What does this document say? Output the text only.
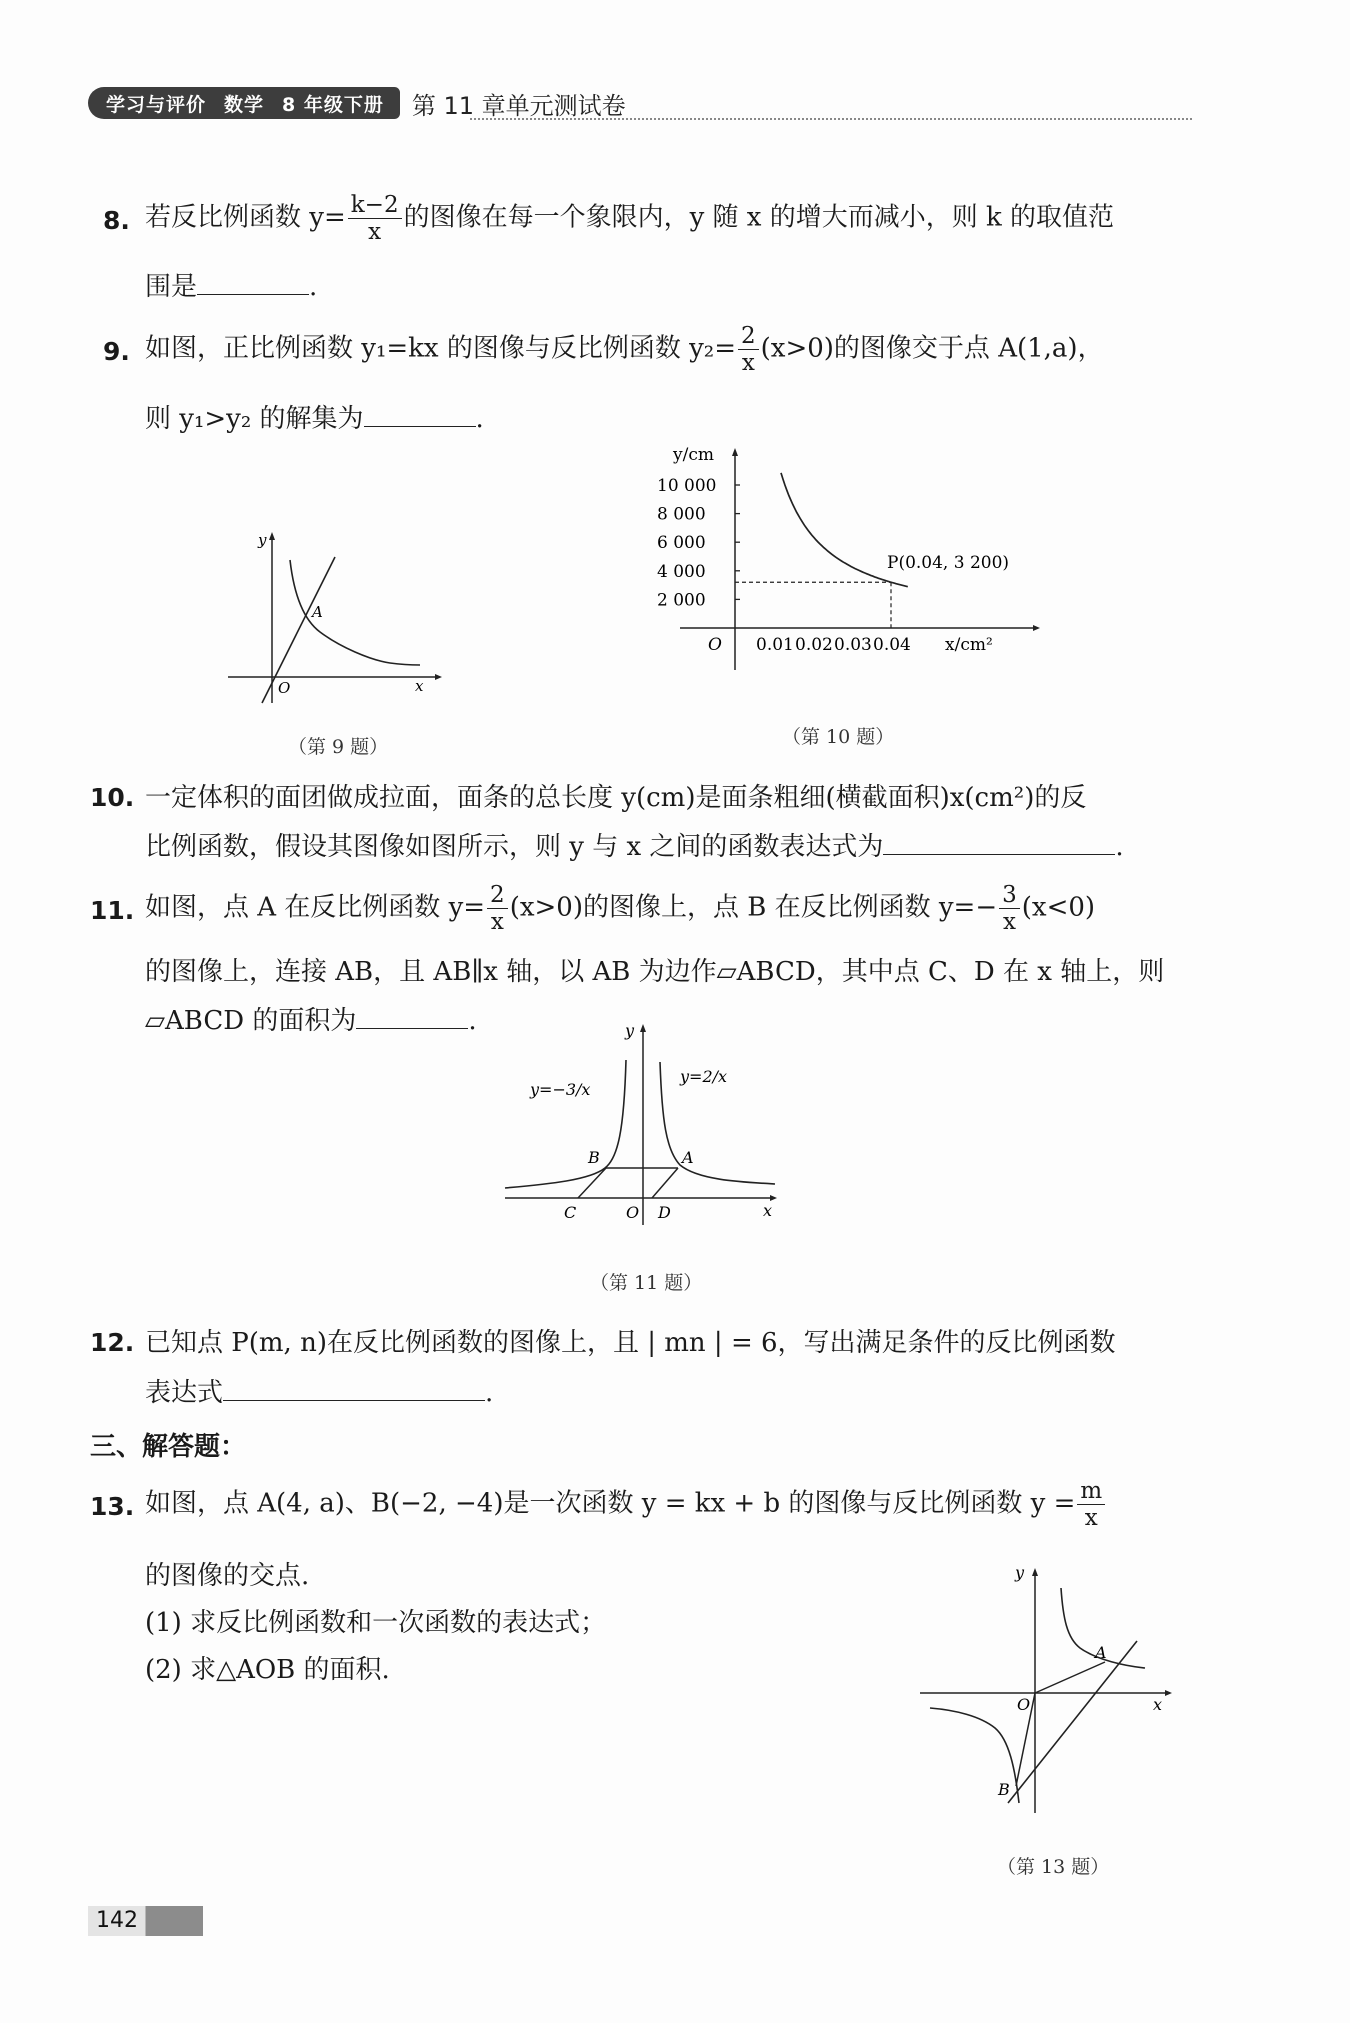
学习与评价 数学 8 年级下册 第 11 章单元测试卷
8. 若反比例函数 $y= \frac{k-2}{x}$ 的图像在每一个象限内，y 随 x 的增大而减小，则 k 的取值范
围是	.
9. 如图，正比例函数 y₁=kx 的图像与反比例函数 $y_2= \frac{2}{x} (x>0)$的图像交于点 A(1,a)，
则 y₁>y₂ 的解集为	.
x
y
O
A
（第 9 题）
10 000
8 000
6 000
4 000
2 000
0.01 0.02 0.03 0.04
y/cm
x/cm²
O
P(0.04, 3 200)
（第 10 题）
10. 一定体积的面团做成拉面，面条的总长度 y(cm)是面条粗细(横截面积)x(cm²)的反
比例函数，假设其图像如图所示，则 y 与 x 之间的函数表达式为	.
11. 如图，点 A 在反比例函数 $y= \frac{2}{x} (x>0)$的图像上，点 B 在反比例函数 $y=- \frac{3}{x} (x<0)$
的图像上，连接 AB，且 AB∥x 轴，以 AB 为边作▱ABCD，其中点 C、D 在 x 轴上，则
▱ABCD 的面积为	.
y=−3/x
y=2/x
y
x
O
B	A
C	D
（第 11 题）
12. 已知点 P(m, n)在反比例函数的图像上，且 | mn | = 6，写出满足条件的反比例函数
表达式	.
三、解答题：
13. 如图，点 A(4, a)、B(−2, −4)是一次函数 y = kx + b 的图像与反比例函数 $y = \frac{m}{x}$
的图像的交点.
(1) 求反比例函数和一次函数的表达式；
(2) 求△AOB 的面积.
y
x
O
A
B
（第 13 题）
142
